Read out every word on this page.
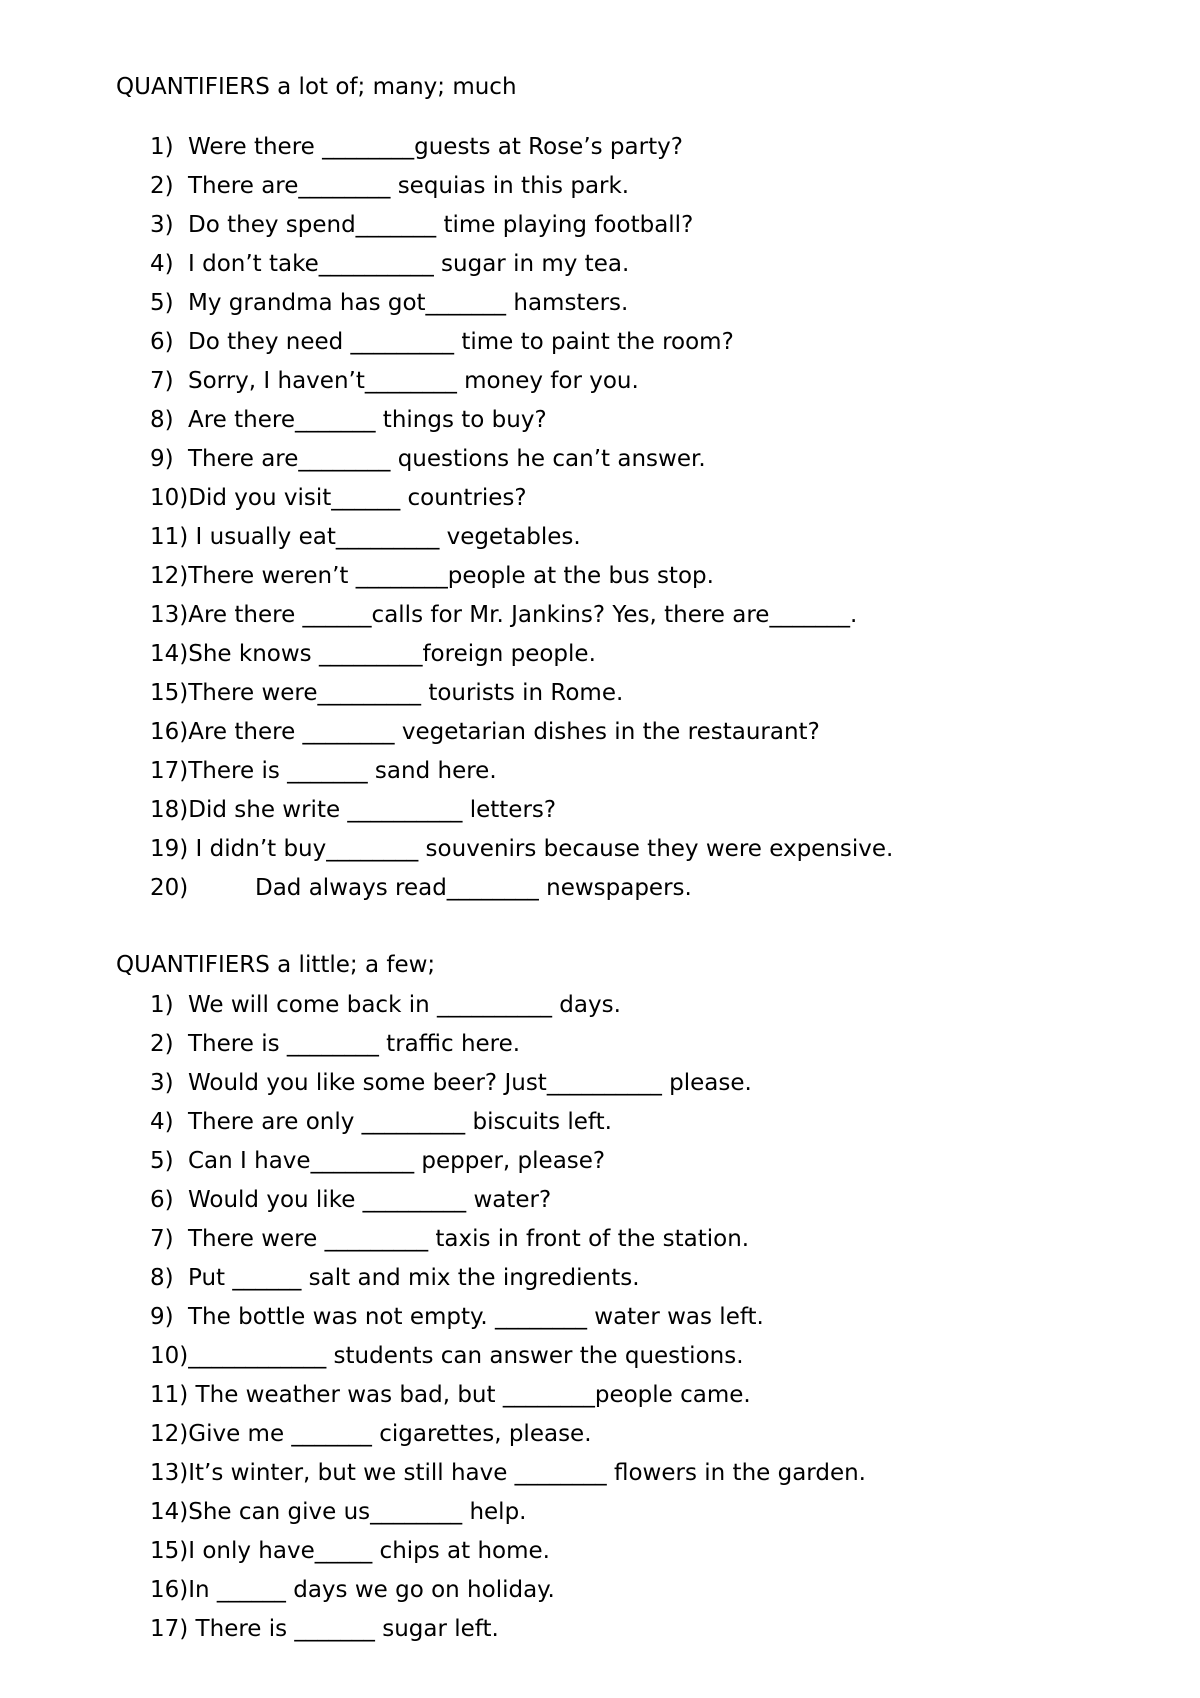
QUANTIFIERS a lot of; many; much
1) Were there ________guests at Rose’s party?
2) There are________ sequias in this park.
3) Do they spend_______ time playing football?
4) I don’t take__________ sugar in my tea.
5) My grandma has got_______ hamsters.
6) Do they need _________ time to paint the room?
7) Sorry, I haven’t________ money for you.
8) Are there_______ things to buy?
9) There are________ questions he can’t answer.
10)Did you visit______ countries?
11) I usually eat_________ vegetables.
12)There weren’t ________people at the bus stop.
13)Are there ______calls for Mr. Jankins? Yes, there are_______.
14)She knows _________foreign people.
15)There were_________ tourists in Rome.
16)Are there ________ vegetarian dishes in the restaurant?
17)There is _______ sand here.
18)Did she write __________ letters?
19) I didn’t buy________ souvenirs because they were expensive.
20)	Dad always read________ newspapers.
QUANTIFIERS a little; a few;
1) We will come back in __________ days.
2) There is ________ traffic here.
3) Would you like some beer? Just__________ please.
4) There are only _________ biscuits left.
5) Can I have_________ pepper, please?
6) Would you like _________ water?
7) There were _________ taxis in front of the station.
8) Put ______ salt and mix the ingredients.
9) The bottle was not empty. ________ water was left.
10)____________ students can answer the questions.
11) The weather was bad, but ________people came.
12)Give me _______ cigarettes, please.
13)It’s winter, but we still have ________ flowers in the garden.
14)She can give us________ help.
15)I only have_____ chips at home.
16)In ______ days we go on holiday.
17) There is _______ sugar left.
